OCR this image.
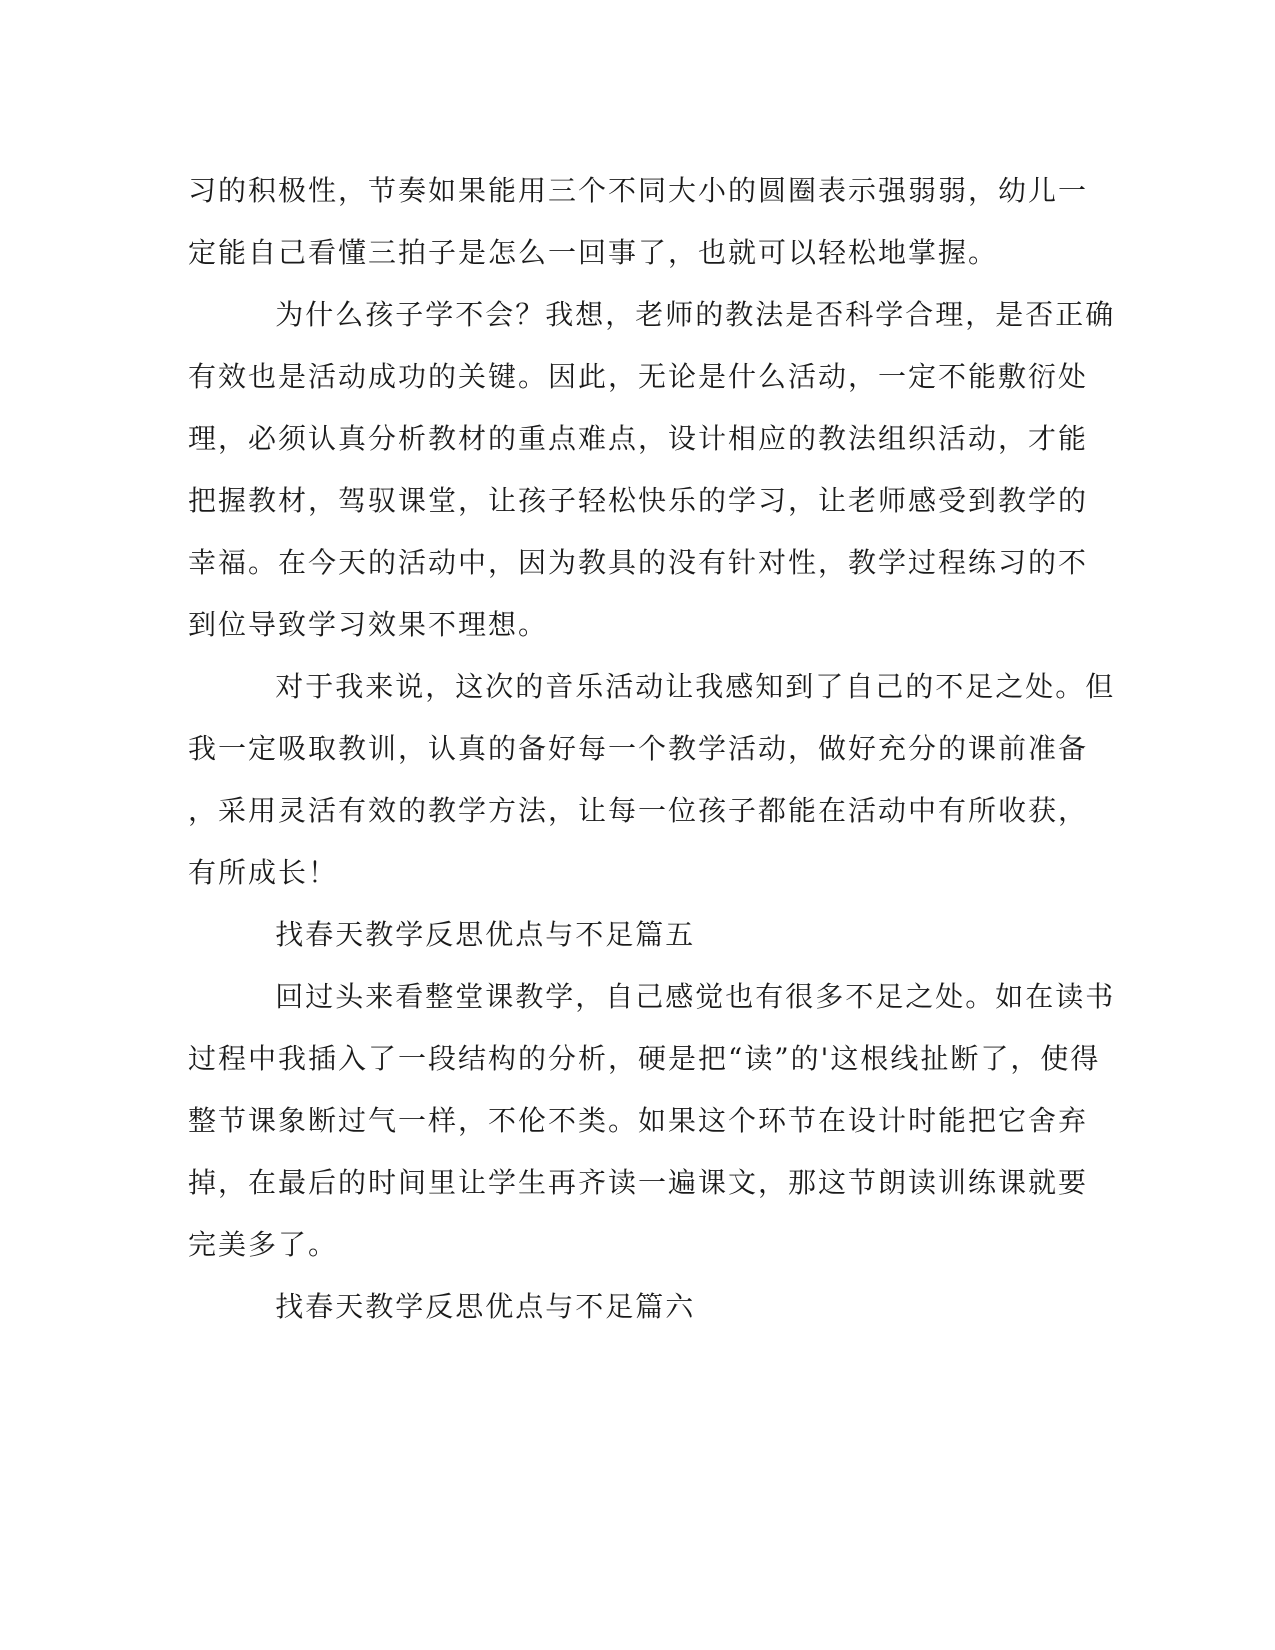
习的积极性，节奏如果能用三个不同大小的圆圈表示强弱弱，幼儿一
定能自己看懂三拍子是怎么一回事了，也就可以轻松地掌握。
为什么孩子学不会？我想，老师的教法是否科学合理，是否正确
有效也是活动成功的关键。因此，无论是什么活动，一定不能敷衍处
理，必须认真分析教材的重点难点，设计相应的教法组织活动，才能
把握教材，驾驭课堂，让孩子轻松快乐的学习，让老师感受到教学的
幸福。在今天的活动中，因为教具的没有针对性，教学过程练习的不
到位导致学习效果不理想。
对于我来说，这次的音乐活动让我感知到了自己的不足之处。但
我一定吸取教训，认真的备好每一个教学活动，做好充分的课前准备
，采用灵活有效的教学方法，让每一位孩子都能在活动中有所收获，
有所成长！
找春天教学反思优点与不足篇五
回过头来看整堂课教学，自己感觉也有很多不足之处。如在读书
过程中我插入了一段结构的分析，硬是把“读”的'这根线扯断了，使得
整节课象断过气一样，不伦不类。如果这个环节在设计时能把它舍弃
掉，在最后的时间里让学生再齐读一遍课文，那这节朗读训练课就要
完美多了。
找春天教学反思优点与不足篇六
